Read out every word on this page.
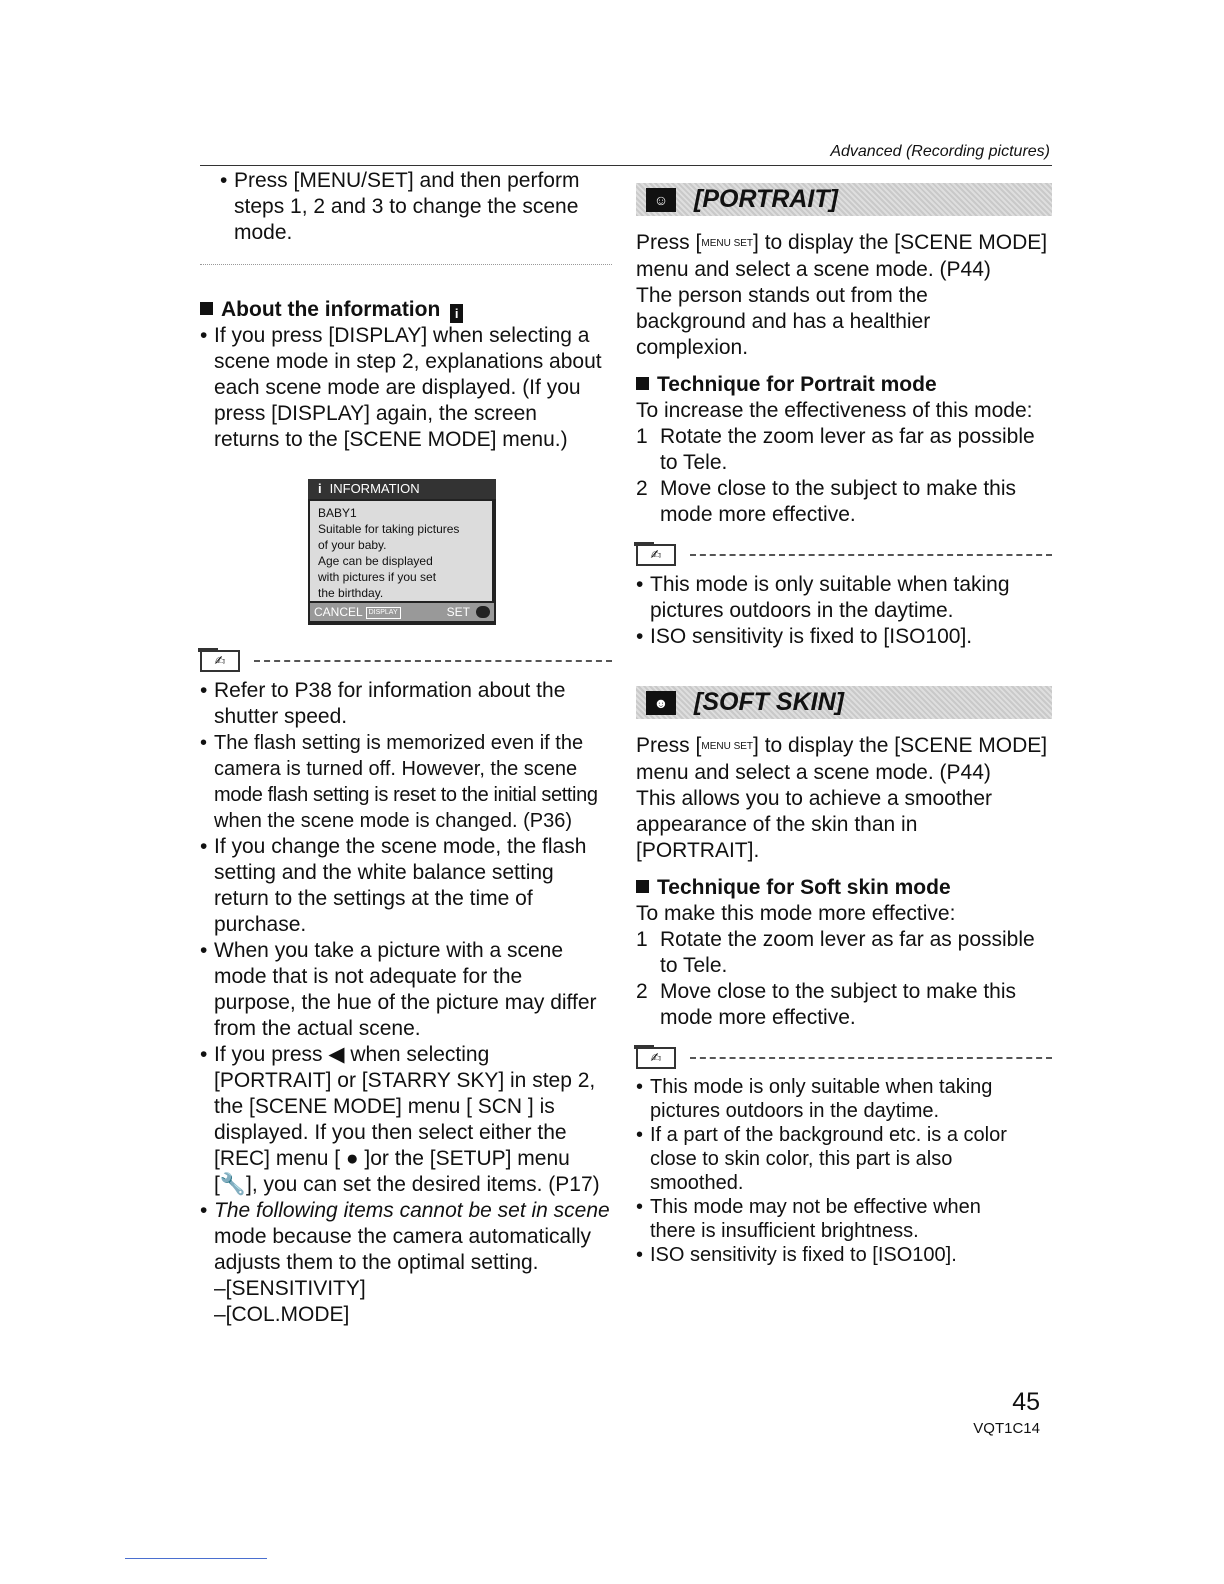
Advanced (Recording pictures)
• Press [MENU/SET] and then perform
steps 1, 2 and 3 to change the scene
mode.
About the information i
• If you press [DISPLAY] when selecting a
scene mode in step 2, explanations about
each scene mode are displayed. (If you
press [DISPLAY] again, the screen
returns to the [SCENE MODE] menu.)
i INFORMATION
BABY1
Suitable for taking pictures
of your baby.
Age can be displayed
with pictures if you set
the birthday.
CANCEL DISPLAY	SET
✍
• Refer to P38 for information about the
shutter speed.
• The flash setting is memorized even if the
camera is turned off. However, the scene
mode flash setting is reset to the initial setting
when the scene mode is changed. (P36)
• If you change the scene mode, the flash
setting and the white balance setting
return to the settings at the time of
purchase.
• When you take a picture with a scene
mode that is not adequate for the
purpose, the hue of the picture may differ
from the actual scene.
• If you press ◀ when selecting
[PORTRAIT] or [STARRY SKY] in step 2,
the [SCENE MODE] menu [ SCN ] is
displayed. If you then select either the
[REC] menu [ ● ]or the [SETUP] menu
[🔧], you can set the desired items. (P17)
• The following items cannot be set in scene
mode because the camera automatically
adjusts them to the optimal setting.
–[SENSITIVITY]
–[COL.MODE]
☺	[PORTRAIT]
Press [MENU SET] to display the [SCENE MODE]
menu and select a scene mode. (P44)
The person stands out from the
background and has a healthier
complexion.
Technique for Portrait mode
To increase the effectiveness of this mode:
1 Rotate the zoom lever as far as possible
to Tele.
2 Move close to the subject to make this
mode more effective.
✍
• This mode is only suitable when taking
pictures outdoors in the daytime.
• ISO sensitivity is fixed to [ISO100].
☻	[SOFT SKIN]
Press [MENU SET] to display the [SCENE MODE]
menu and select a scene mode. (P44)
This allows you to achieve a smoother
appearance of the skin than in
[PORTRAIT].
Technique for Soft skin mode
To make this mode more effective:
1 Rotate the zoom lever as far as possible
to Tele.
2 Move close to the subject to make this
mode more effective.
✍
• This mode is only suitable when taking
pictures outdoors in the daytime.
• If a part of the background etc. is a color
close to skin color, this part is also
smoothed.
• This mode may not be effective when
there is insufficient brightness.
• ISO sensitivity is fixed to [ISO100].
45
VQT1C14
